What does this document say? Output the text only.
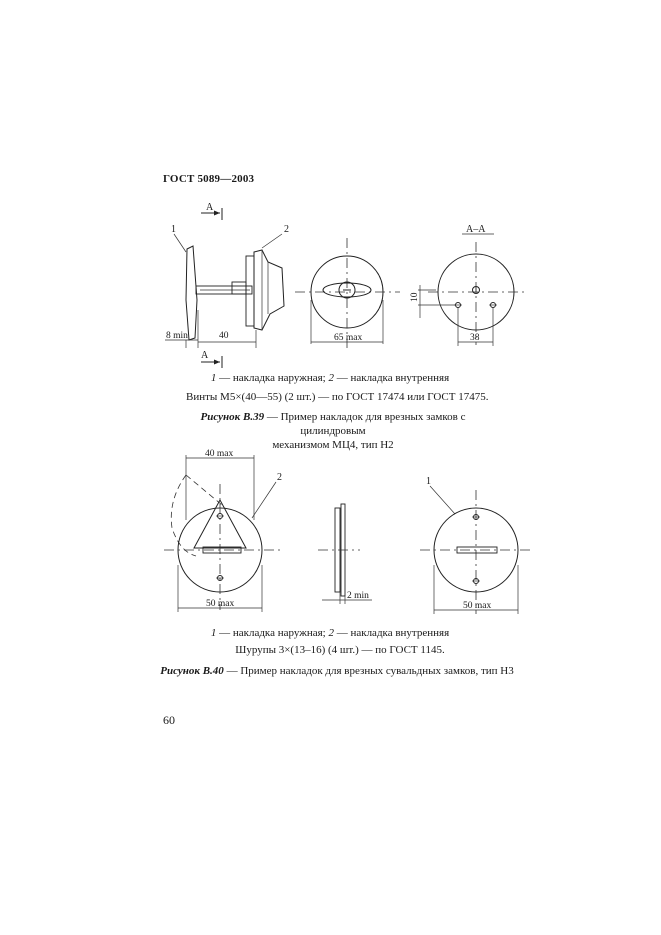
ГОСТ 5089—2003
А
1	2
8 min	40
А
65 max
А–А
10
38
1 — накладка наружная; 2 — накладка внутренняя
Винты М5×(40—55) (2 шт.) — по ГОСТ 17474 или ГОСТ 17475.
Рисунок В.39 — Пример накладок для врезных замков с цилиндровым
механизмом МЦ4, тип Н2
40 max
2
50 max
2 min
1
50 max
1 — накладка наружная; 2 — накладка внутренняя
Шурупы 3×(13–16) (4 шт.) — по ГОСТ 1145.
Рисунок В.40 — Пример накладок для врезных сувальдных замков, тип Н3
60
